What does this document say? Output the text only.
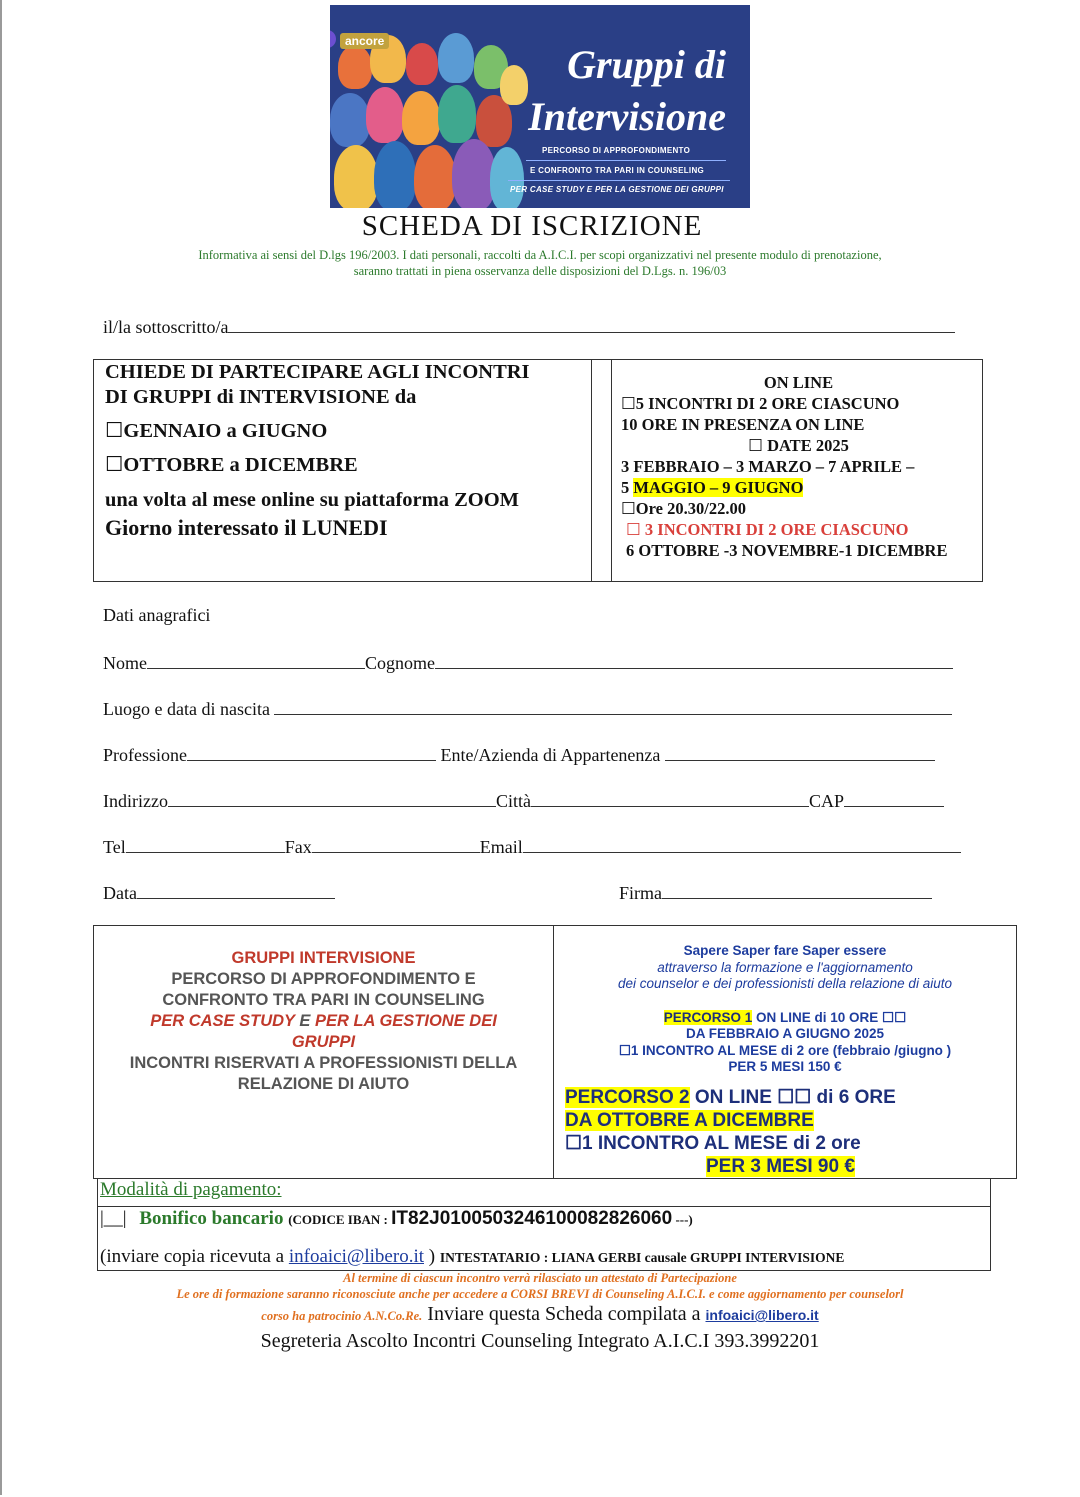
ancore
Gruppi di
Intervisione
PERCORSO DI APPROFONDIMENTO
E CONFRONTO TRA PARI IN COUNSELING
PER CASE STUDY E PER LA GESTIONE DEI GRUPPI
SCHEDA DI ISCRIZIONE
Informativa ai sensi del D.lgs 196/2003. I dati personali, raccolti da A.I.C.I. per scopi organizzativi nel presente modulo di prenotazione,
saranno trattati in piena osservanza delle disposizioni del D.Lgs. n. 196/03
il/la sottoscritto/a
CHIEDE DI PARTECIPARE AGLI INCONTRI
DI GRUPPI di INTERVISIONE da
☐GENNAIO a GIUGNO
☐OTTOBRE a DICEMBRE
una volta al mese online su piattaforma ZOOM
Giorno interessato il LUNEDI
ON LINE
☐5 INCONTRI DI 2 ORE CIASCUNO
10 ORE IN PRESENZA ON LINE
☐ DATE 2025
3 FEBBRAIO – 3 MARZO – 7 APRILE –
5 MAGGIO – 9 GIUGNO
☐Ore 20.30/22.00
☐ 3 INCONTRI DI 2 ORE CIASCUNO
6 OTTOBRE -3 NOVEMBRE-1 DICEMBRE
Dati anagrafici
Nome	Cognome
Luogo e data di nascita
Professione	Ente/Azienda di Appartenenza
Indirizzo	Città	CAP
Tel	Fax	Email
Data	Firma
GRUPPI INTERVISIONE
PERCORSO DI APPROFONDIMENTO E
CONFRONTO TRA PARI IN COUNSELING
PER CASE STUDY E PER LA GESTIONE DEI
GRUPPI
INCONTRI RISERVATI A PROFESSIONISTI DELLA
RELAZIONE DI AIUTO
Sapere Saper fare Saper essere
attraverso la formazione e l'aggiornamento
dei counselor e dei professionisti della relazione di aiuto
PERCORSO 1 ON LINE di 10 ORE ☐☐
DA FEBBRAIO A GIUGNO 2025
☐1 INCONTRO AL MESE di 2 ore (febbraio /giugno )
PER 5 MESI 150 €
PERCORSO 2 ON LINE ☐☐ di 6 ORE
DA OTTOBRE A DICEMBRE
☐1 INCONTRO AL MESE di 2 ore
PER 3 MESI 90 €
Modalità di pagamento:
|__| Bonifico bancario (CODICE IBAN : IT82J0100503246100082826060 ---)
(inviare copia ricevuta a infoaici@libero.it ) INTESTATARIO : LIANA GERBI causale GRUPPI INTERVISIONE
Al termine di ciascun incontro verrà rilasciato un attestato di Partecipazione
Le ore di formazione saranno riconosciute anche per accedere a CORSI BREVI di Counseling A.I.C.I. e come aggiornamento per counselorl
corso ha patrocinio A.N.Co.Re. Inviare questa Scheda compilata a infoaici@libero.it
Segreteria Ascolto Incontri Counseling Integrato A.I.C.I 393.3992201
